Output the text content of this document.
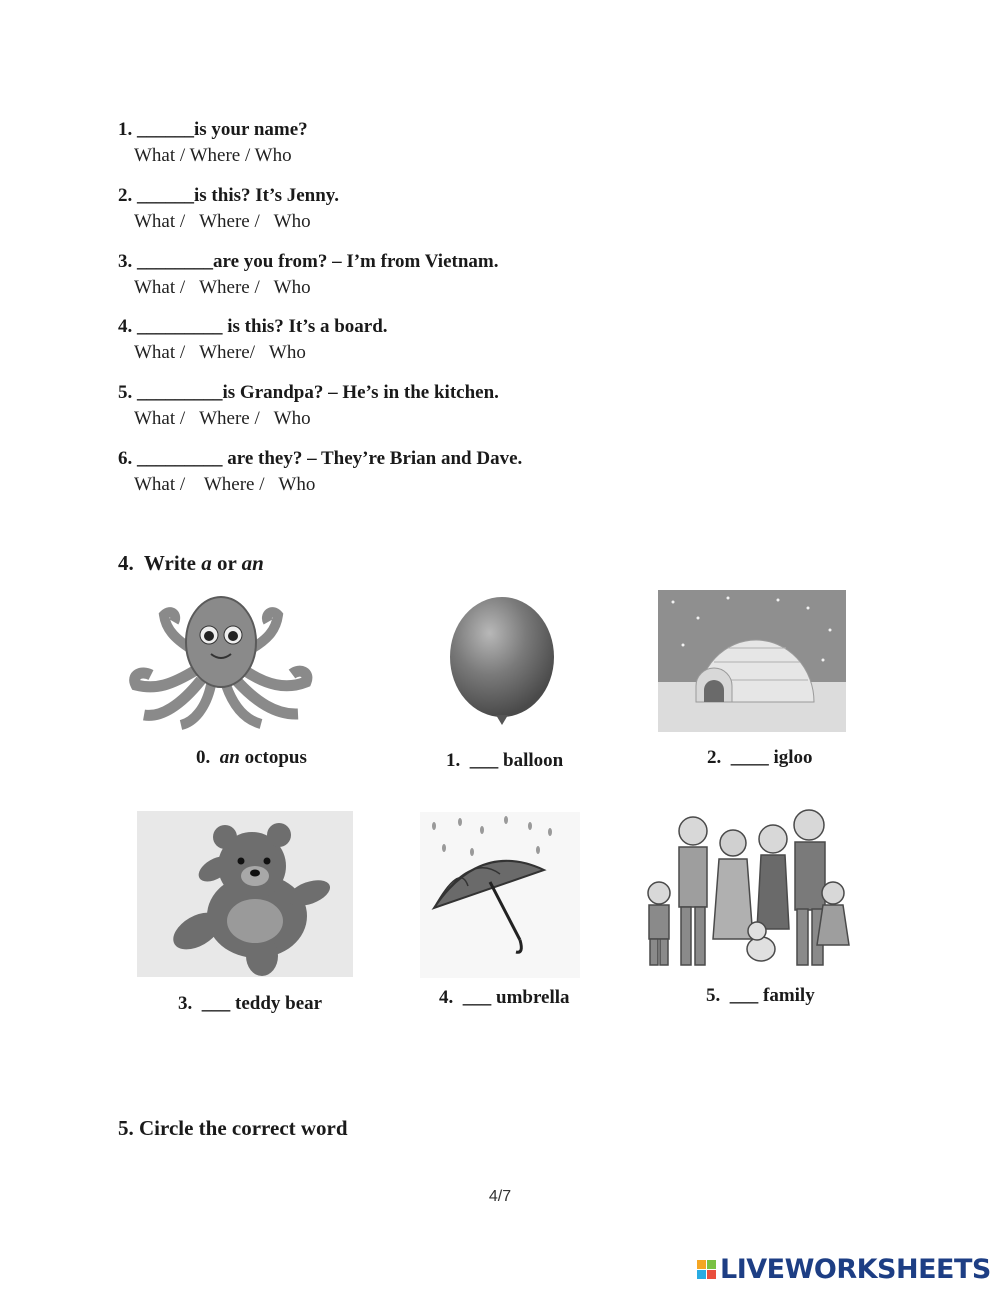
1. ______is your name?
What / Where / Who
2. ______is this? It’s Jenny.
What /   Where /   Who
3. ________are you from? – I’m from Vietnam.
What /   Where /   Who
4. _________ is this? It’s a board.
What /   Where/   Who
5. _________is Grandpa? – He’s in the kitchen.
What /   Where /   Who
6. _________ are they? – They’re Brian and Dave.
What /    Where /   Who
4. Write a or an
0. an octopus	1. ___ balloon	2. ____ igloo
3. ___ teddy bear	4. ___ umbrella	5. ___ family
5. Circle the correct word
4/7
LIVEWORKSHEETS
